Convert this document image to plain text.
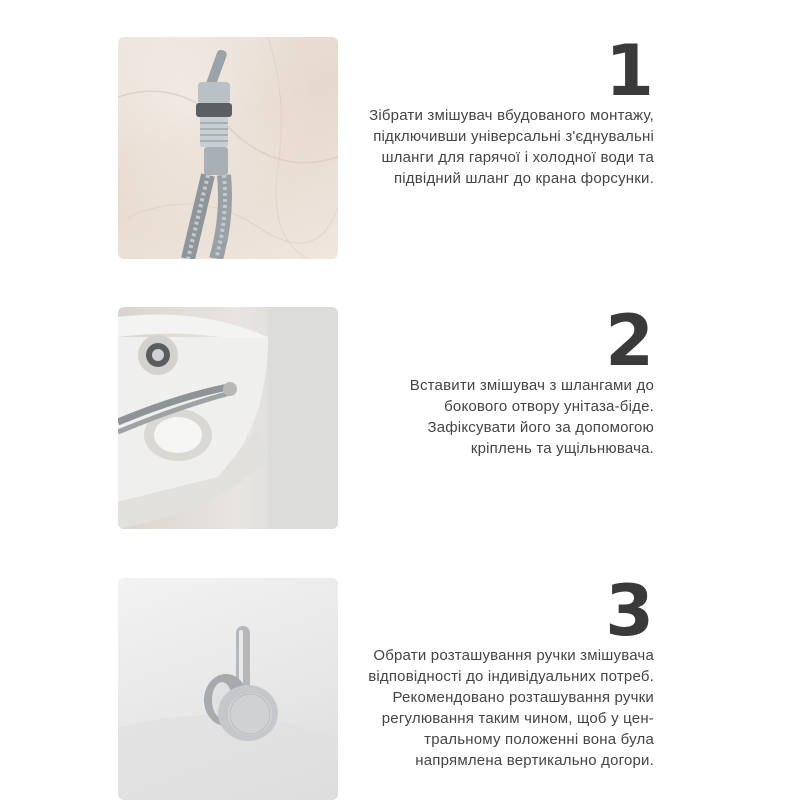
1
Зібрати змішувач вбудованого монтажу,
підключивши універсальні з'єднувальні
шланги для гарячої і холодної води та
підвідний шланг до крана форсунки.
2
Вставити змішувач з шлангами до
бокового отвору унітаза-біде.
Зафіксувати його за допомогою
кріплень та ущільнювача.
3
Обрати розташування ручки змішувача
відповідності до індивідуальних потреб.
Рекомендовано розташування ручки
регулювання таким чином, щоб у цен-
тральному положенні вона була
напрямлена вертикально догори.
